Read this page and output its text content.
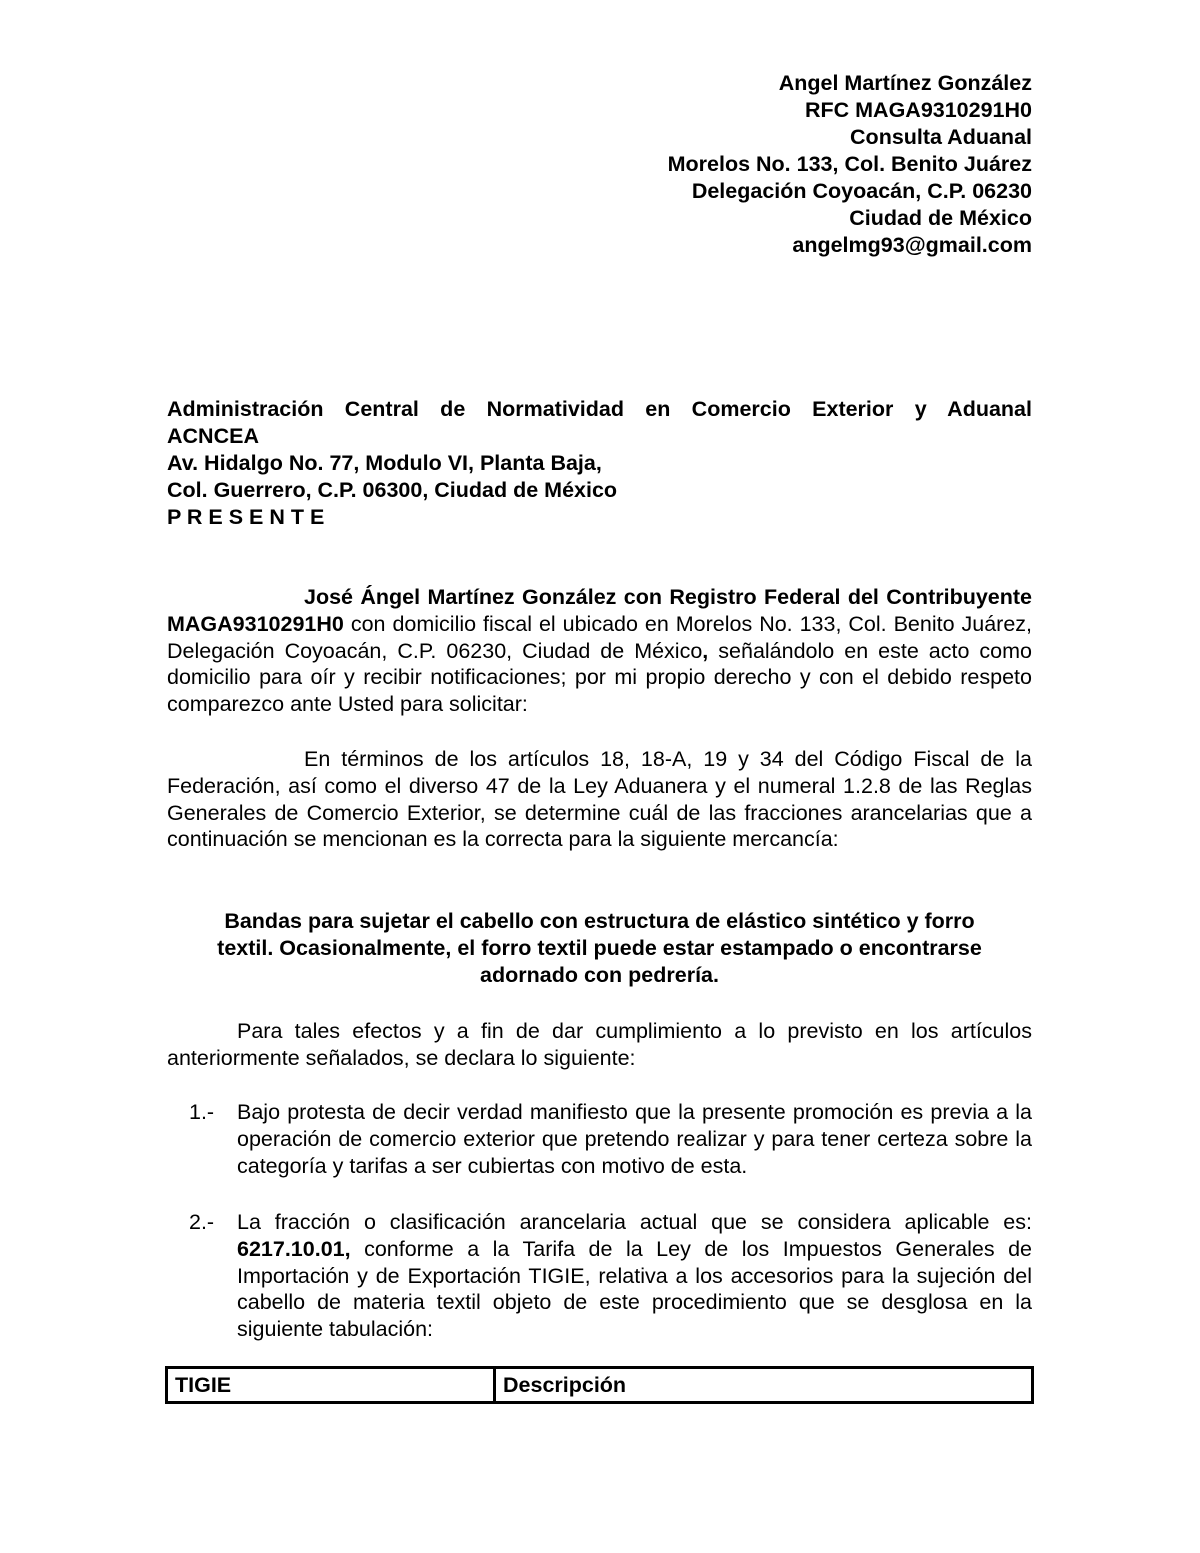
Angel Martínez González
RFC MAGA9310291H0
Consulta Aduanal
Morelos No. 133, Col. Benito Juárez
Delegación Coyoacán, C.P. 06230
Ciudad de México
angelmg93@gmail.com
Administración Central de Normatividad en Comercio Exterior y Aduanal
ACNCEA
Av. Hidalgo No. 77, Modulo VI, Planta Baja,
Col. Guerrero, C.P. 06300, Ciudad de México
P R E S E N T E
José Ángel Martínez González con Registro Federal del Contribuyente MAGA9310291H0 con domicilio fiscal el ubicado en Morelos No. 133, Col. Benito Juárez, Delegación Coyoacán, C.P. 06230, Ciudad de México, señalándolo en este acto como domicilio para oír y recibir notificaciones; por mi propio derecho y con el debido respeto comparezco ante Usted para solicitar:
En términos de los artículos 18, 18-A, 19 y 34 del Código Fiscal de la Federación, así como el diverso 47 de la Ley Aduanera y el numeral 1.2.8 de las Reglas Generales de Comercio Exterior, se determine cuál de las fracciones arancelarias que a continuación se mencionan es la correcta para la siguiente mercancía:
Bandas para sujetar el cabello con estructura de elástico sintético y forro
textil. Ocasionalmente, el forro textil puede estar estampado o encontrarse
adornado con pedrería.
Para tales efectos y a fin de dar cumplimiento a lo previsto en los artículos anteriormente señalados, se declara lo siguiente:
1.- Bajo protesta de decir verdad manifiesto que la presente promoción es previa a la operación de comercio exterior que pretendo realizar y para tener certeza sobre la categoría y tarifas a ser cubiertas con motivo de esta.
2.- La fracción o clasificación arancelaria actual que se considera aplicable es: 6217.10.01, conforme a la Tarifa de la Ley de los Impuestos Generales de Importación y de Exportación TIGIE, relativa a los accesorios para la sujeción del cabello de materia textil objeto de este procedimiento que se desglosa en la siguiente tabulación:
TIGIE	Descripción
